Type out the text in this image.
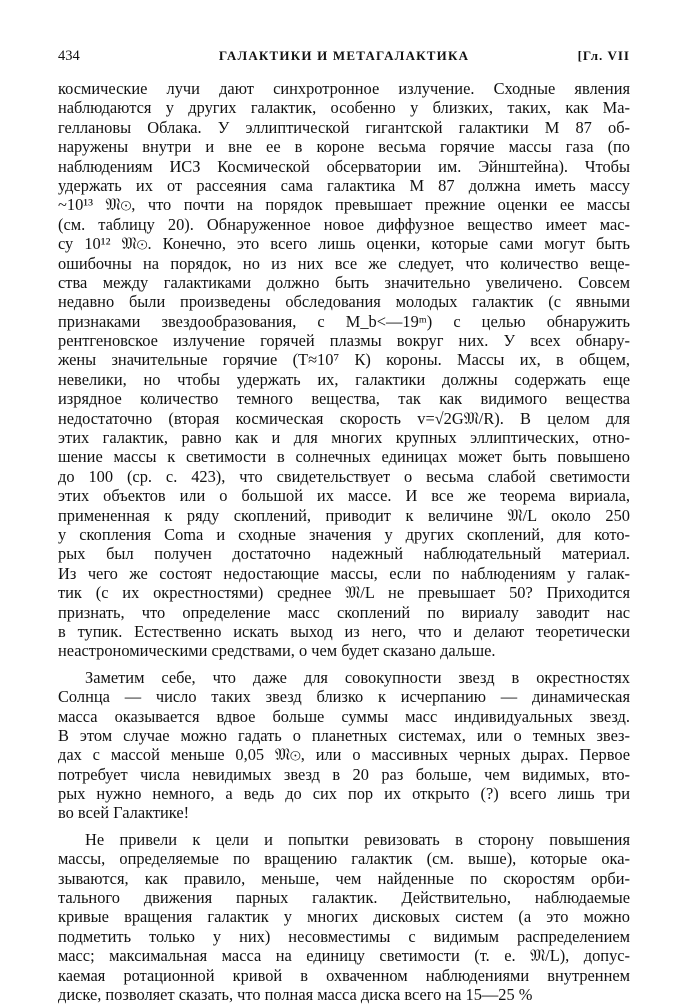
434	ГАЛАКТИКИ И МЕТАГАЛАКТИКА	[Гл. VII
космические лучи дают синхротронное излучение. Сходные явления
наблюдаются у других галактик, особенно у близких, таких, как Ма-
геллановы Облака. У эллиптической гигантской галактики М 87 об-
наружены внутри и вне ее в короне весьма горячие массы газа (по
наблюдениям ИСЗ Космической обсерватории им. Эйнштейна). Чтобы
удержать их от рассеяния сама галактика М 87 должна иметь массу
~10¹³ 𝔐⊙, что почти на порядок превышает прежние оценки ее массы
(см. таблицу 20). Обнаруженное новое диффузное вещество имеет мас-
су 10¹² 𝔐⊙. Конечно, это всего лишь оценки, которые сами могут быть
ошибочны на порядок, но из них все же следует, что количество веще-
ства между галактиками должно быть значительно увеличено. Совсем
недавно были произведены обследования молодых галактик (с явными
признаками звездообразования, с M_b<—19ᵐ) с целью обнаружить
рентгеновское излучение горячей плазмы вокруг них. У всех обнару-
жены значительные горячие (T≈10⁷ К) короны. Массы их, в общем,
невелики, но чтобы удержать их, галактики должны содержать еще
изрядное количество темного вещества, так как видимого вещества
недостаточно (вторая космическая скорость v=√2G𝔐/R). В целом для
этих галактик, равно как и для многих крупных эллиптических, отно-
шение массы к светимости в солнечных единицах может быть повышено
до 100 (ср. с. 423), что свидетельствует о весьма слабой светимости
этих объектов или о большой их массе. И все же теорема вириала,
примененная к ряду скоплений, приводит к величине 𝔐/L около 250
у скопления Coma и сходные значения у других скоплений, для кото-
рых был получен достаточно надежный наблюдательный материал.
Из чего же состоят недостающие массы, если по наблюдениям у галак-
тик (с их окрестностями) среднее 𝔐/L не превышает 50? Приходится
признать, что определение масс скоплений по вириалу заводит нас
в тупик. Естественно искать выход из него, что и делают теоретически
неастрономическими средствами, о чем будет сказано дальше.
Заметим себе, что даже для совокупности звезд в окрестностях
Солнца — число таких звезд близко к исчерпанию — динамическая
масса оказывается вдвое больше суммы масс индивидуальных звезд.
В этом случае можно гадать о планетных системах, или о темных звез-
дах с массой меньше 0,05 𝔐⊙, или о массивных черных дырах. Первое
потребует числа невидимых звезд в 20 раз больше, чем видимых, вто-
рых нужно немного, а ведь до сих пор их открыто (?) всего лишь три
во всей Галактике!
Не привели к цели и попытки ревизовать в сторону повышения
массы, определяемые по вращению галактик (см. выше), которые ока-
зываются, как правило, меньше, чем найденные по скоростям орби-
тального движения парных галактик. Действительно, наблюдаемые
кривые вращения галактик у многих дисковых систем (а это можно
подметить только у них) несовместимы с видимым распределением
масс; максимальная масса на единицу светимости (т. е. 𝔐/L), допус-
каемая ротационной кривой в охваченном наблюдениями внутреннем
диске, позволяет сказать, что полная масса диска всего на 15—25 %
